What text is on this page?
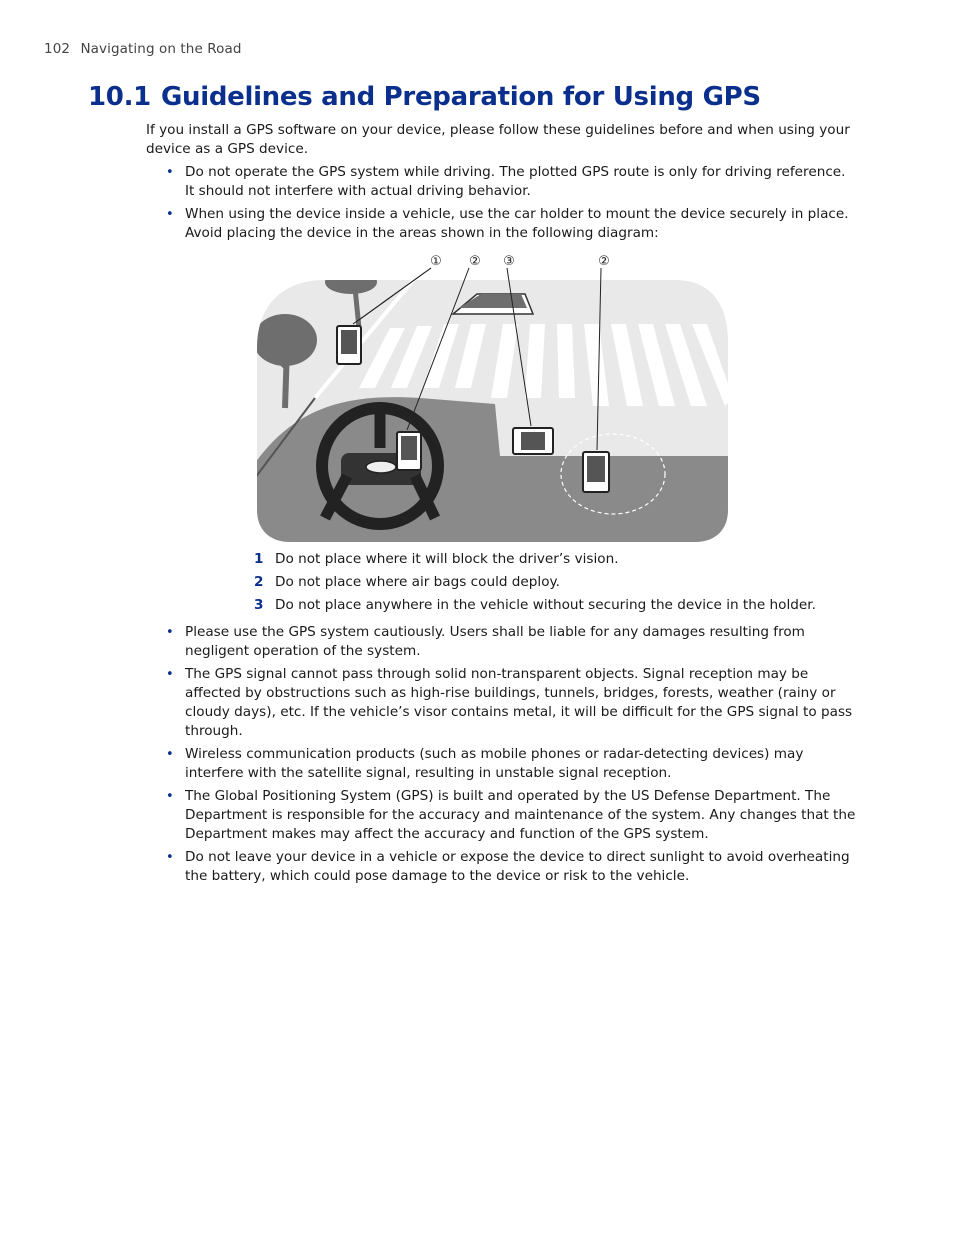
102 Navigating on the Road
10.1 Guidelines and Preparation for Using GPS

If you install a GPS software on your device, please follow these guidelines before and when using your device as a GPS device.

• Do not operate the GPS system while driving. The plotted GPS route is only for driving reference. It should not interfere with actual driving behavior.
• When using the device inside a vehicle, use the car holder to mount the device securely in place. Avoid placing the device in the areas shown in the following diagram:
① ② ③	②
1 Do not place where it will block the driver’s vision.
2 Do not place where air bags could deploy.
3 Do not place anywhere in the vehicle without securing the device in the holder.
• Please use the GPS system cautiously. Users shall be liable for any damages resulting from negligent operation of the system.
• The GPS signal cannot pass through solid non-transparent objects. Signal reception may be affected by obstructions such as high-rise buildings, tunnels, bridges, forests, weather (rainy or cloudy days), etc. If the vehicle’s visor contains metal, it will be difficult for the GPS signal to pass through.
• Wireless communication products (such as mobile phones or radar-detecting devices) may interfere with the satellite signal, resulting in unstable signal reception.
• The Global Positioning System (GPS) is built and operated by the US Defense Department. The Department is responsible for the accuracy and maintenance of the system. Any changes that the Department makes may affect the accuracy and function of the GPS system.
• Do not leave your device in a vehicle or expose the device to direct sunlight to avoid overheating the battery, which could pose damage to the device or risk to the vehicle.
